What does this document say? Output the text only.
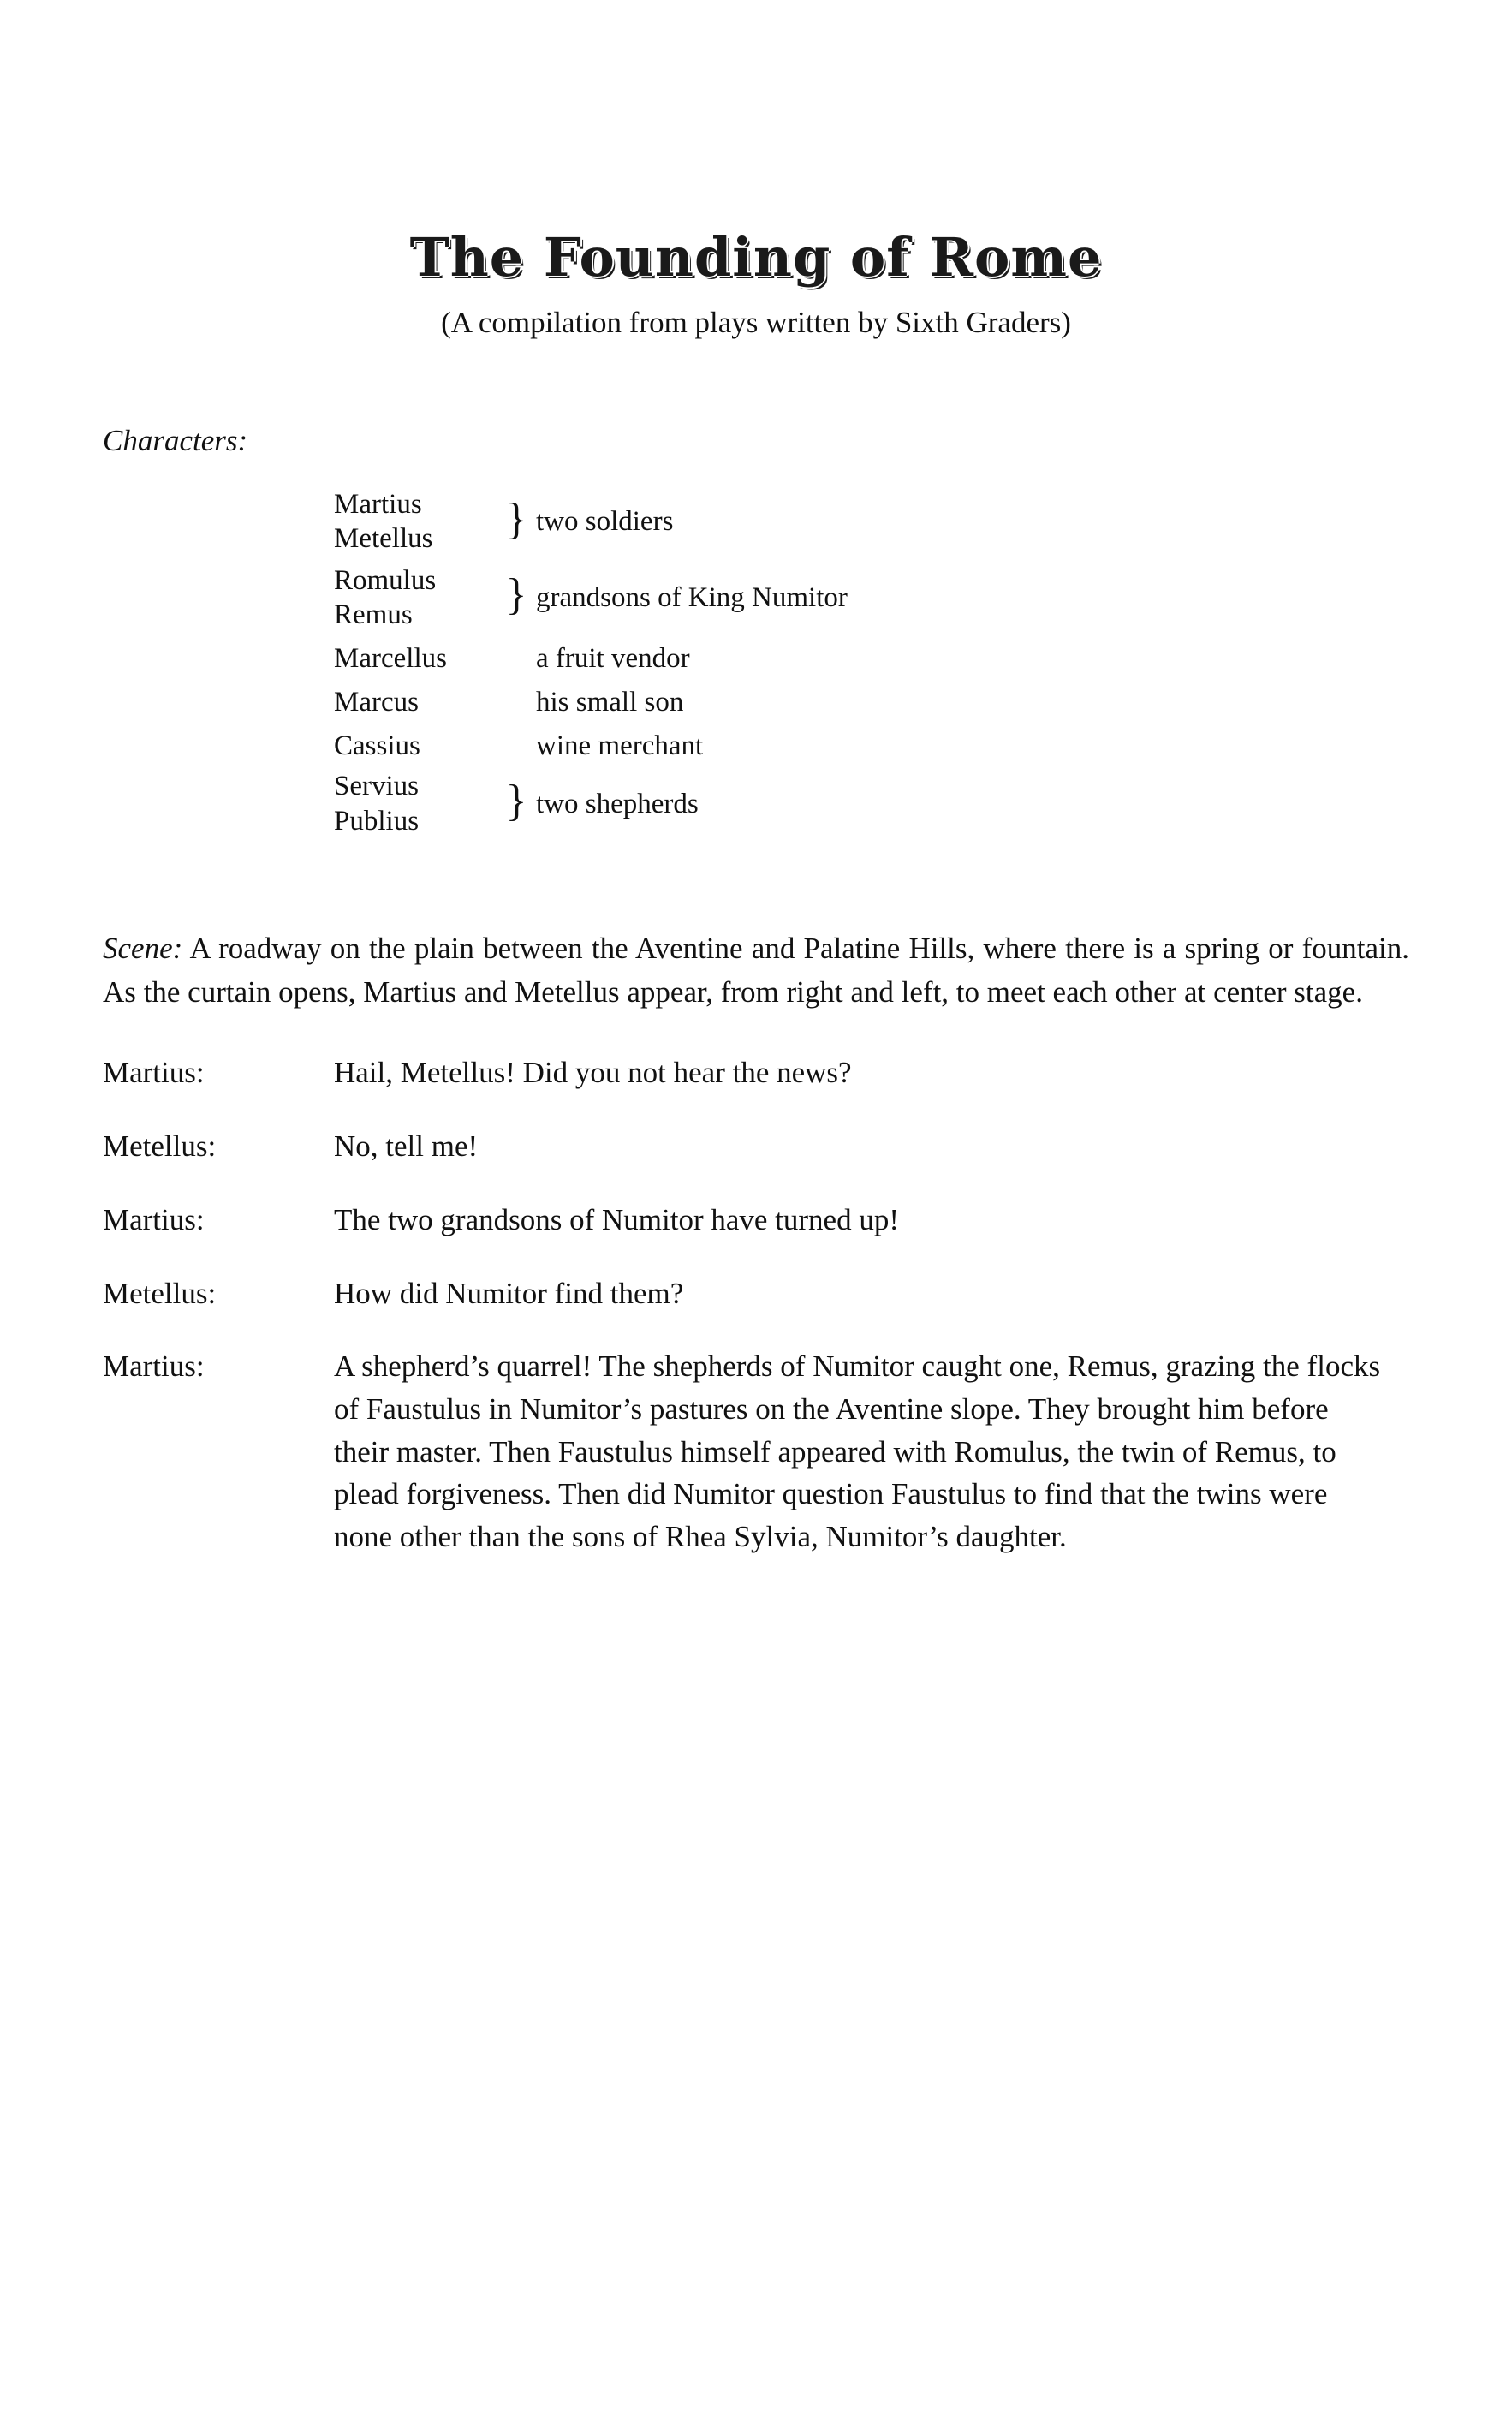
The Founding of Rome
(A compilation from plays written by Sixth Graders)
Characters:
Martius
Metellus	} two soldiers
Romulus
Remus	} grandsons of King Numitor
Marcellus	a fruit vendor
Marcus	his small son
Cassius	wine merchant
Servius
Publius	} two shepherds
Scene: A roadway on the plain between the Aventine and Palatine Hills, where there is a spring or fountain. As the curtain opens, Martius and Metellus appear, from right and left, to meet each other at center stage.
Martius:	Hail, Metellus! Did you not hear the news?
Metellus:	No, tell me!
Martius:	The two grandsons of Numitor have turned up!
Metellus:	How did Numitor find them?
Martius:	A shepherd’s quarrel! The shepherds of Numitor caught one, Remus, grazing the flocks of Faustulus in Numitor’s pastures on the Aventine slope. They brought him before their master. Then Faustulus himself appeared with Romulus, the twin of Remus, to plead forgiveness. Then did Numitor question Faustulus to find that the twins were none other than the sons of Rhea Sylvia, Numitor’s daughter.
